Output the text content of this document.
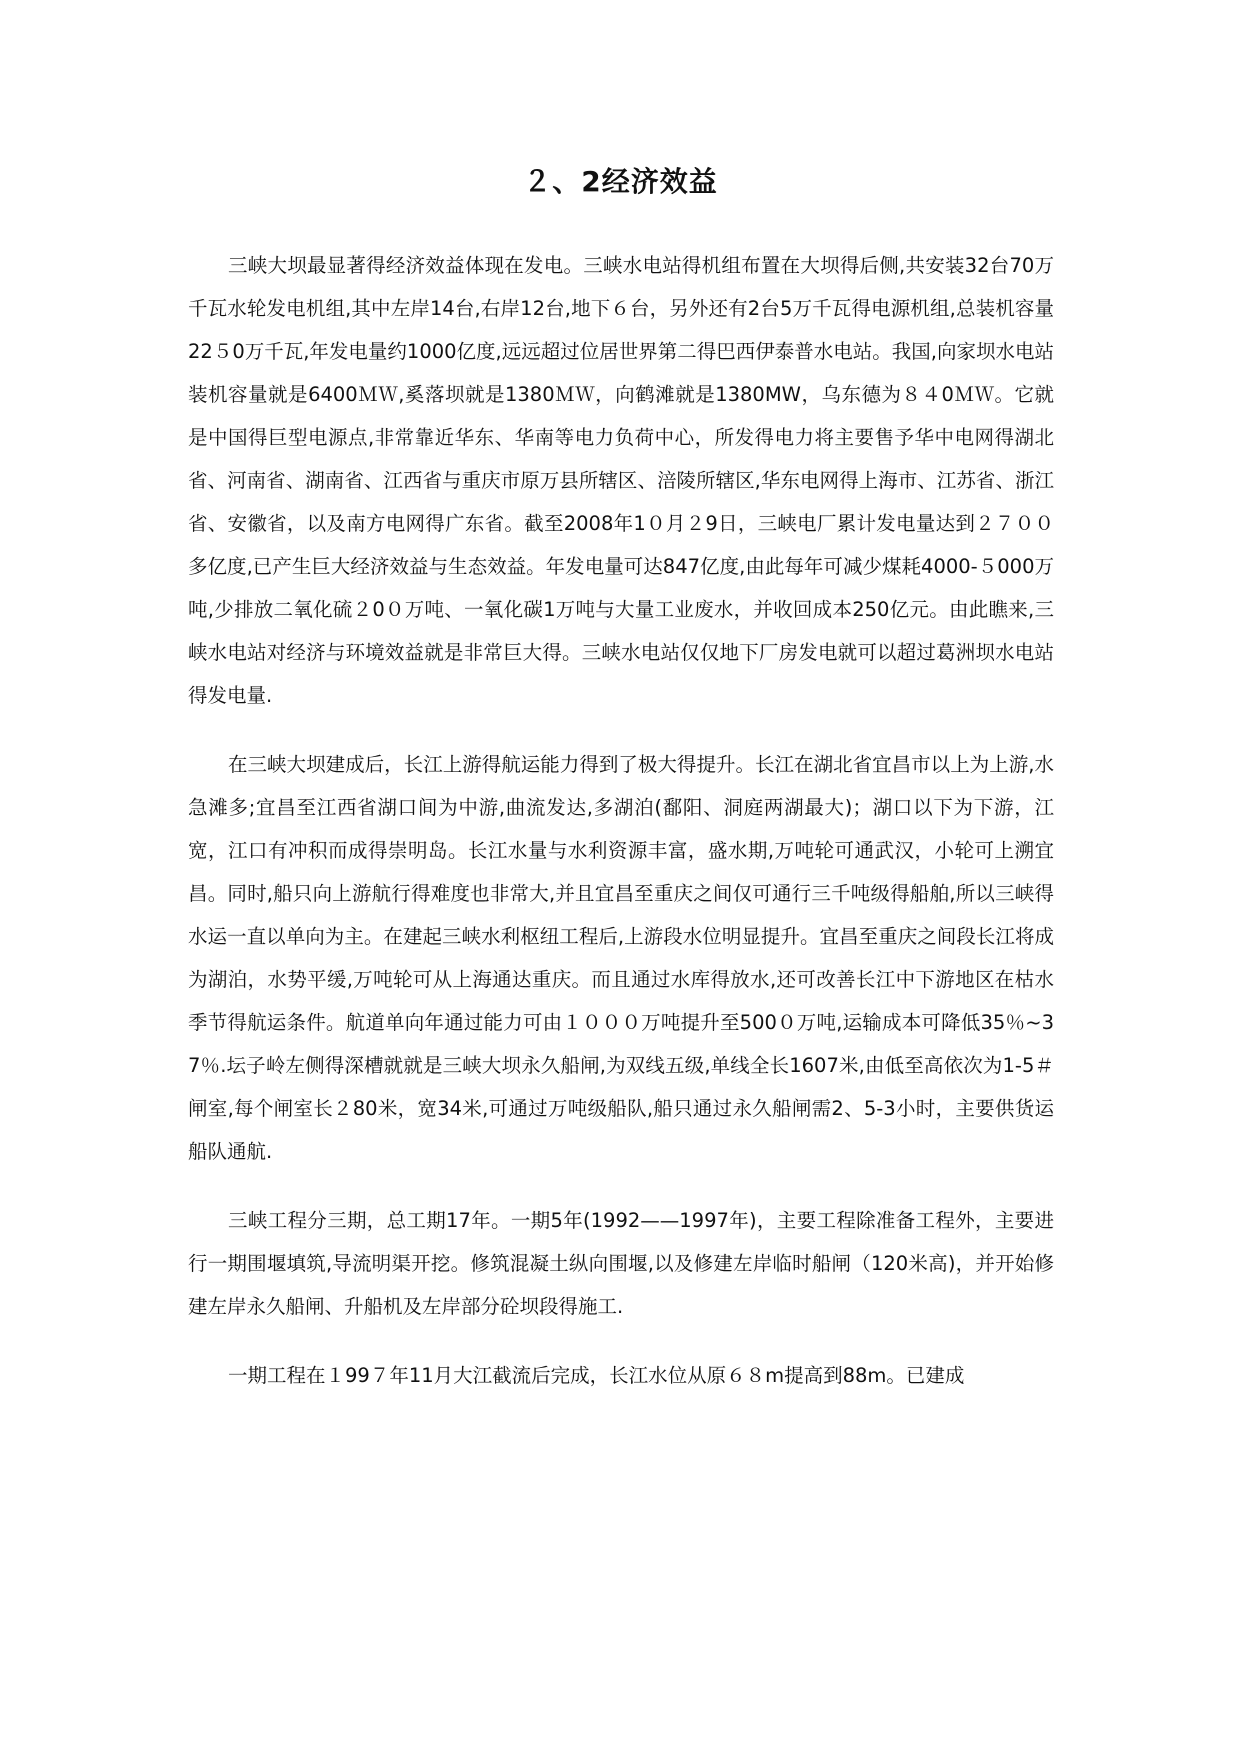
２、2经济效益

三峡大坝最显著得经济效益体现在发电。三峡水电站得机组布置在大坝得后侧,共安装32台70万千瓦水轮发电机组,其中左岸14台,右岸12台,地下６台，另外还有2台5万千瓦得电源机组,总装机容量22５0万千瓦,年发电量约1000亿度,远远超过位居世界第二得巴西伊泰普水电站。我国,向家坝水电站装机容量就是6400ＭＷ,奚落坝就是1380ＭＷ，向鹤滩就是1380MW，乌东德为８４0ＭＷ。它就是中国得巨型电源点,非常靠近华东、华南等电力负荷中心，所发得电力将主要售予华中电网得湖北省、河南省、湖南省、江西省与重庆市原万县所辖区、涪陵所辖区,华东电网得上海市、江苏省、浙江省、安徽省，以及南方电网得广东省。截至2008年1０月２9日，三峡电厂累计发电量达到２７００多亿度,已产生巨大经济效益与生态效益。年发电量可达847亿度,由此每年可减少煤耗4000-５000万吨,少排放二氧化硫２0０万吨、一氧化碳1万吨与大量工业废水，并收回成本250亿元。由此瞧来,三峡水电站对经济与环境效益就是非常巨大得。三峡水电站仅仅地下厂房发电就可以超过葛洲坝水电站得发电量.

在三峡大坝建成后，长江上游得航运能力得到了极大得提升。长江在湖北省宜昌市以上为上游,水急滩多;宜昌至江西省湖口间为中游,曲流发达,多湖泊(鄱阳、洞庭两湖最大)；湖口以下为下游，江宽，江口有冲积而成得崇明岛。长江水量与水利资源丰富，盛水期,万吨轮可通武汉，小轮可上溯宜昌。同时,船只向上游航行得难度也非常大,并且宜昌至重庆之间仅可通行三千吨级得船舶,所以三峡得水运一直以单向为主。在建起三峡水利枢纽工程后,上游段水位明显提升。宜昌至重庆之间段长江将成为湖泊，水势平缓,万吨轮可从上海通达重庆。而且通过水库得放水,还可改善长江中下游地区在枯水季节得航运条件。航道单向年通过能力可由１０００万吨提升至500０万吨,运输成本可降低35％~37％.坛子岭左侧得深槽就就是三峡大坝永久船闸,为双线五级,单线全长1607米,由低至高依次为1-5＃闸室,每个闸室长２80米，宽34米,可通过万吨级船队,船只通过永久船闸需2、5-3小时，主要供货运船队通航.

三峡工程分三期，总工期17年。一期5年(1992——1997年)，主要工程除准备工程外，主要进行一期围堰填筑,导流明渠开挖。修筑混凝土纵向围堰,以及修建左岸临时船闸（120米高)，并开始修建左岸永久船闸、升船机及左岸部分砼坝段得施工.

一期工程在１99７年11月大江截流后完成，长江水位从原６８m提高到88m。已建成
